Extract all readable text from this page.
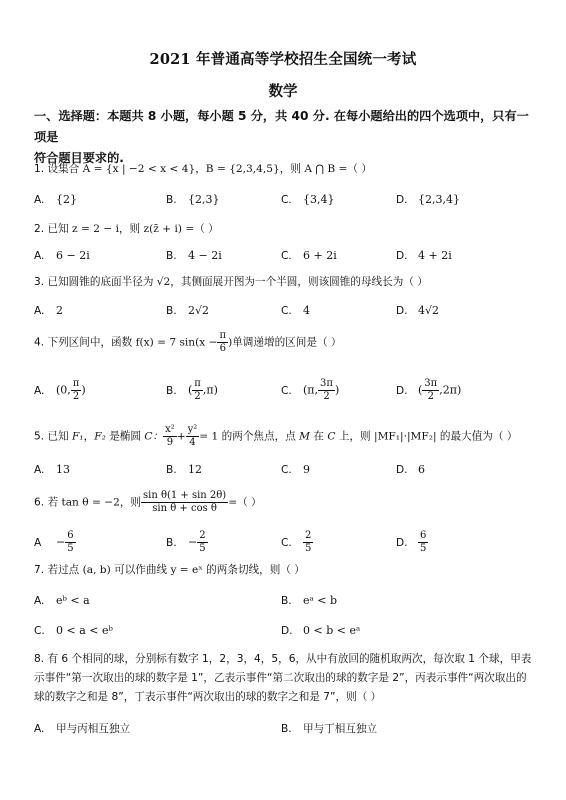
2021 年普通高等学校招生全国统一考试
数学
一、选择题：本题共 8 小题，每小题 5 分，共 40 分. 在每小题给出的四个选项中，只有一项是
符合题目要求的.
1. 设集合 A = {x | −2 < x < 4}，B = {2,3,4,5}，则 A ⋂ B =（ ）
A. {2}	B. {2,3}	C. {3,4}	D. {2,3,4}
2. 已知 z = 2 − i，则 z(z̄ + i) =（ ）
A. 6 − 2i	B. 4 − 2i	C. 6 + 2i	D. 4 + 2i
3. 已知圆锥的底面半径为 √2，其侧面展开图为一个半圆，则该圆锥的母线长为（ ）
A. 2	B. 2√2	C. 4	D. 4√2
4. 下列区间中，函数 f(x) = 7 $\sin(x - \frac{\pi}{6}$ )单调递增的区间是（ ）
A. (0, $\frac{\pi}{2}$ )	B. ( $\frac{\pi}{2} ,\pi$)	C. (π, $\frac{3\pi}{2}$ )	D. ( $\frac{3\pi}{2} ,2\pi$)
5. 已知 F₁，F₂ 是椭圆 C： $\frac{\text{x²}}{9} + \frac{\text{y²}}{4} = 1$ 的两个焦点，点 M 在 C 上，则 |MF₁|·|MF₂| 的最大值为（ ）
A. 13	B. 12	C. 9	D. 6
6. 若 tan θ = −2，则 $\frac{\text{sin θ(1 + sin 2θ)}}{\text{sin θ + cos θ}}$ =（ ）
$A - \frac{6}{5}$	B. − $\frac{2}{5}$	C. $\frac{2}{5}$	D. $\frac{6}{5}$
7. 若过点 (a, b) 可以作曲线 y = eˣ 的两条切线，则（ ）
A. eᵇ < a	B. eᵃ < b
C. 0 < a < eᵇ	D. 0 < b < eᵃ
8. 有 6 个相同的球，分别标有数字 1，2，3，4，5，6，从中有放回的随机取两次，每次取 1 个球，甲表示事件“第一次取出的球的数字是 1”，乙表示事件“第二次取出的球的数字是 2”，丙表示事件“两次取出的球的数字之和是 8”，丁表示事件“两次取出的球的数字之和是 7”，则（ ）
A. 甲与丙相互独立	B. 甲与丁相互独立
